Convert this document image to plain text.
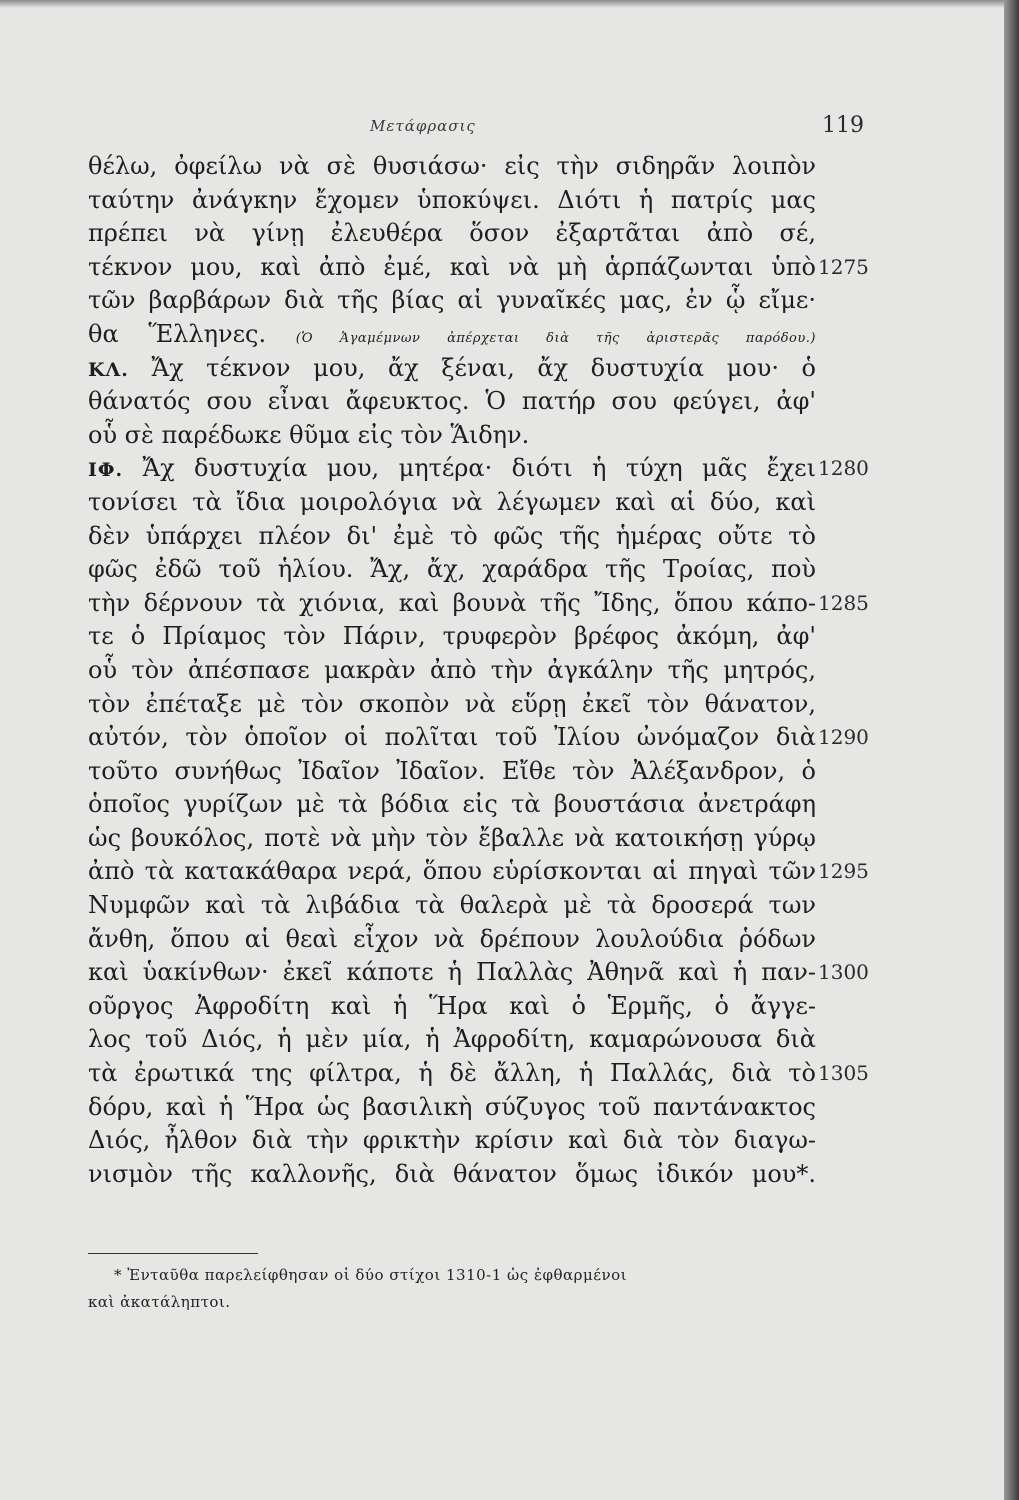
Μετάφρασις	119
θέλω, ὀφείλω νὰ σὲ θυσιάσω· εἰς τὴν σιδηρᾶν λοιπὸν
ταύτην ἀνάγκην ἔχομεν ὑποκύψει. Διότι ἡ πατρίς μας
πρέπει νὰ γίνῃ ἐλευθέρα ὅσον ἐξαρτᾶται ἀπὸ σέ,
τέκνον μου, καὶ ἀπὸ ἐμέ, καὶ νὰ μὴ ἁρπάζωνται ὑπὸ 1275
τῶν βαρβάρων διὰ τῆς βίας αἱ γυναῖκές μας, ἐν ᾧ εἴμε·
θα Ἕλληνες. (Ὁ Ἀγαμέμνων ἀπέρχεται διὰ τῆς ἀριστερᾶς παρόδου.)
ΚΛ. Ἄχ τέκνον μου, ἄχ ξέναι, ἄχ δυστυχία μου· ὁ
θάνατός σου εἶναι ἄφευκτος. Ὁ πατήρ σου φεύγει, ἀφ'
οὗ σὲ παρέδωκε θῦμα εἰς τὸν Ἅιδην.
ΙΦ. Ἄχ δυστυχία μου, μητέρα· διότι ἡ τύχη μᾶς ἔχει 1280
τονίσει τὰ ἴδια μοιρολόγια νὰ λέγωμεν καὶ αἱ δύο, καὶ
δὲν ὑπάρχει πλέον δι' ἐμὲ τὸ φῶς τῆς ἡμέρας οὔτε τὸ
φῶς ἐδῶ τοῦ ἡλίου. Ἄχ, ἄχ, χαράδρα τῆς Τροίας, ποὺ
τὴν δέρνουν τὰ χιόνια, καὶ βουνὰ τῆς Ἴδης, ὅπου κάπο- 1285
τε ὁ Πρίαμος τὸν Πάριν, τρυφερὸν βρέφος ἀκόμη, ἀφ'
οὗ τὸν ἀπέσπασε μακρὰν ἀπὸ τὴν ἀγκάλην τῆς μητρός,
τὸν ἐπέταξε μὲ τὸν σκοπὸν νὰ εὕρῃ ἐκεῖ τὸν θάνατον,
αὐτόν, τὸν ὁποῖον οἱ πολῖται τοῦ Ἰλίου ὠνόμαζον διὰ 1290
τοῦτο συνήθως Ἰδαῖον Ἰδαῖον. Εἴθε τὸν Ἀλέξανδρον, ὁ
ὁποῖος γυρίζων μὲ τὰ βόδια εἰς τὰ βουστάσια ἀνετράφη
ὡς βουκόλος, ποτὲ νὰ μὴν τὸν ἔβαλλε νὰ κατοικήσῃ γύρῳ
ἀπὸ τὰ κατακάθαρα νερά, ὅπου εὑρίσκονται αἱ πηγαὶ τῶν 1295
Νυμφῶν καὶ τὰ λιβάδια τὰ θαλερὰ μὲ τὰ δροσερά των
ἄνθη, ὅπου αἱ θεαὶ εἶχον νὰ δρέπουν λουλούδια ῥόδων
καὶ ὑακίνθων· ἐκεῖ κάποτε ἡ Παλλὰς Ἀθηνᾶ καὶ ἡ παν- 1300
οῦργος Ἀφροδίτη καὶ ἡ Ἥρα καὶ ὁ Ἑρμῆς, ὁ ἄγγε-
λος τοῦ Διός, ἡ μὲν μία, ἡ Ἀφροδίτη, καμαρώνουσα διὰ
τὰ ἐρωτικά της φίλτρα, ἡ δὲ ἄλλη, ἡ Παλλάς, διὰ τὸ 1305
δόρυ, καὶ ἡ Ἥρα ὡς βασιλικὴ σύζυγος τοῦ παντάνακτος
Διός, ἦλθον διὰ τὴν φρικτὴν κρίσιν καὶ διὰ τὸν διαγω-
νισμὸν τῆς καλλονῆς, διὰ θάνατον ὅμως ἰδικόν μου*.
* Ἐνταῦθα παρελείφθησαν οἱ δύο στίχοι 1310-1 ὡς ἐφθαρμένοι
καὶ ἀκατάληπτοι.
